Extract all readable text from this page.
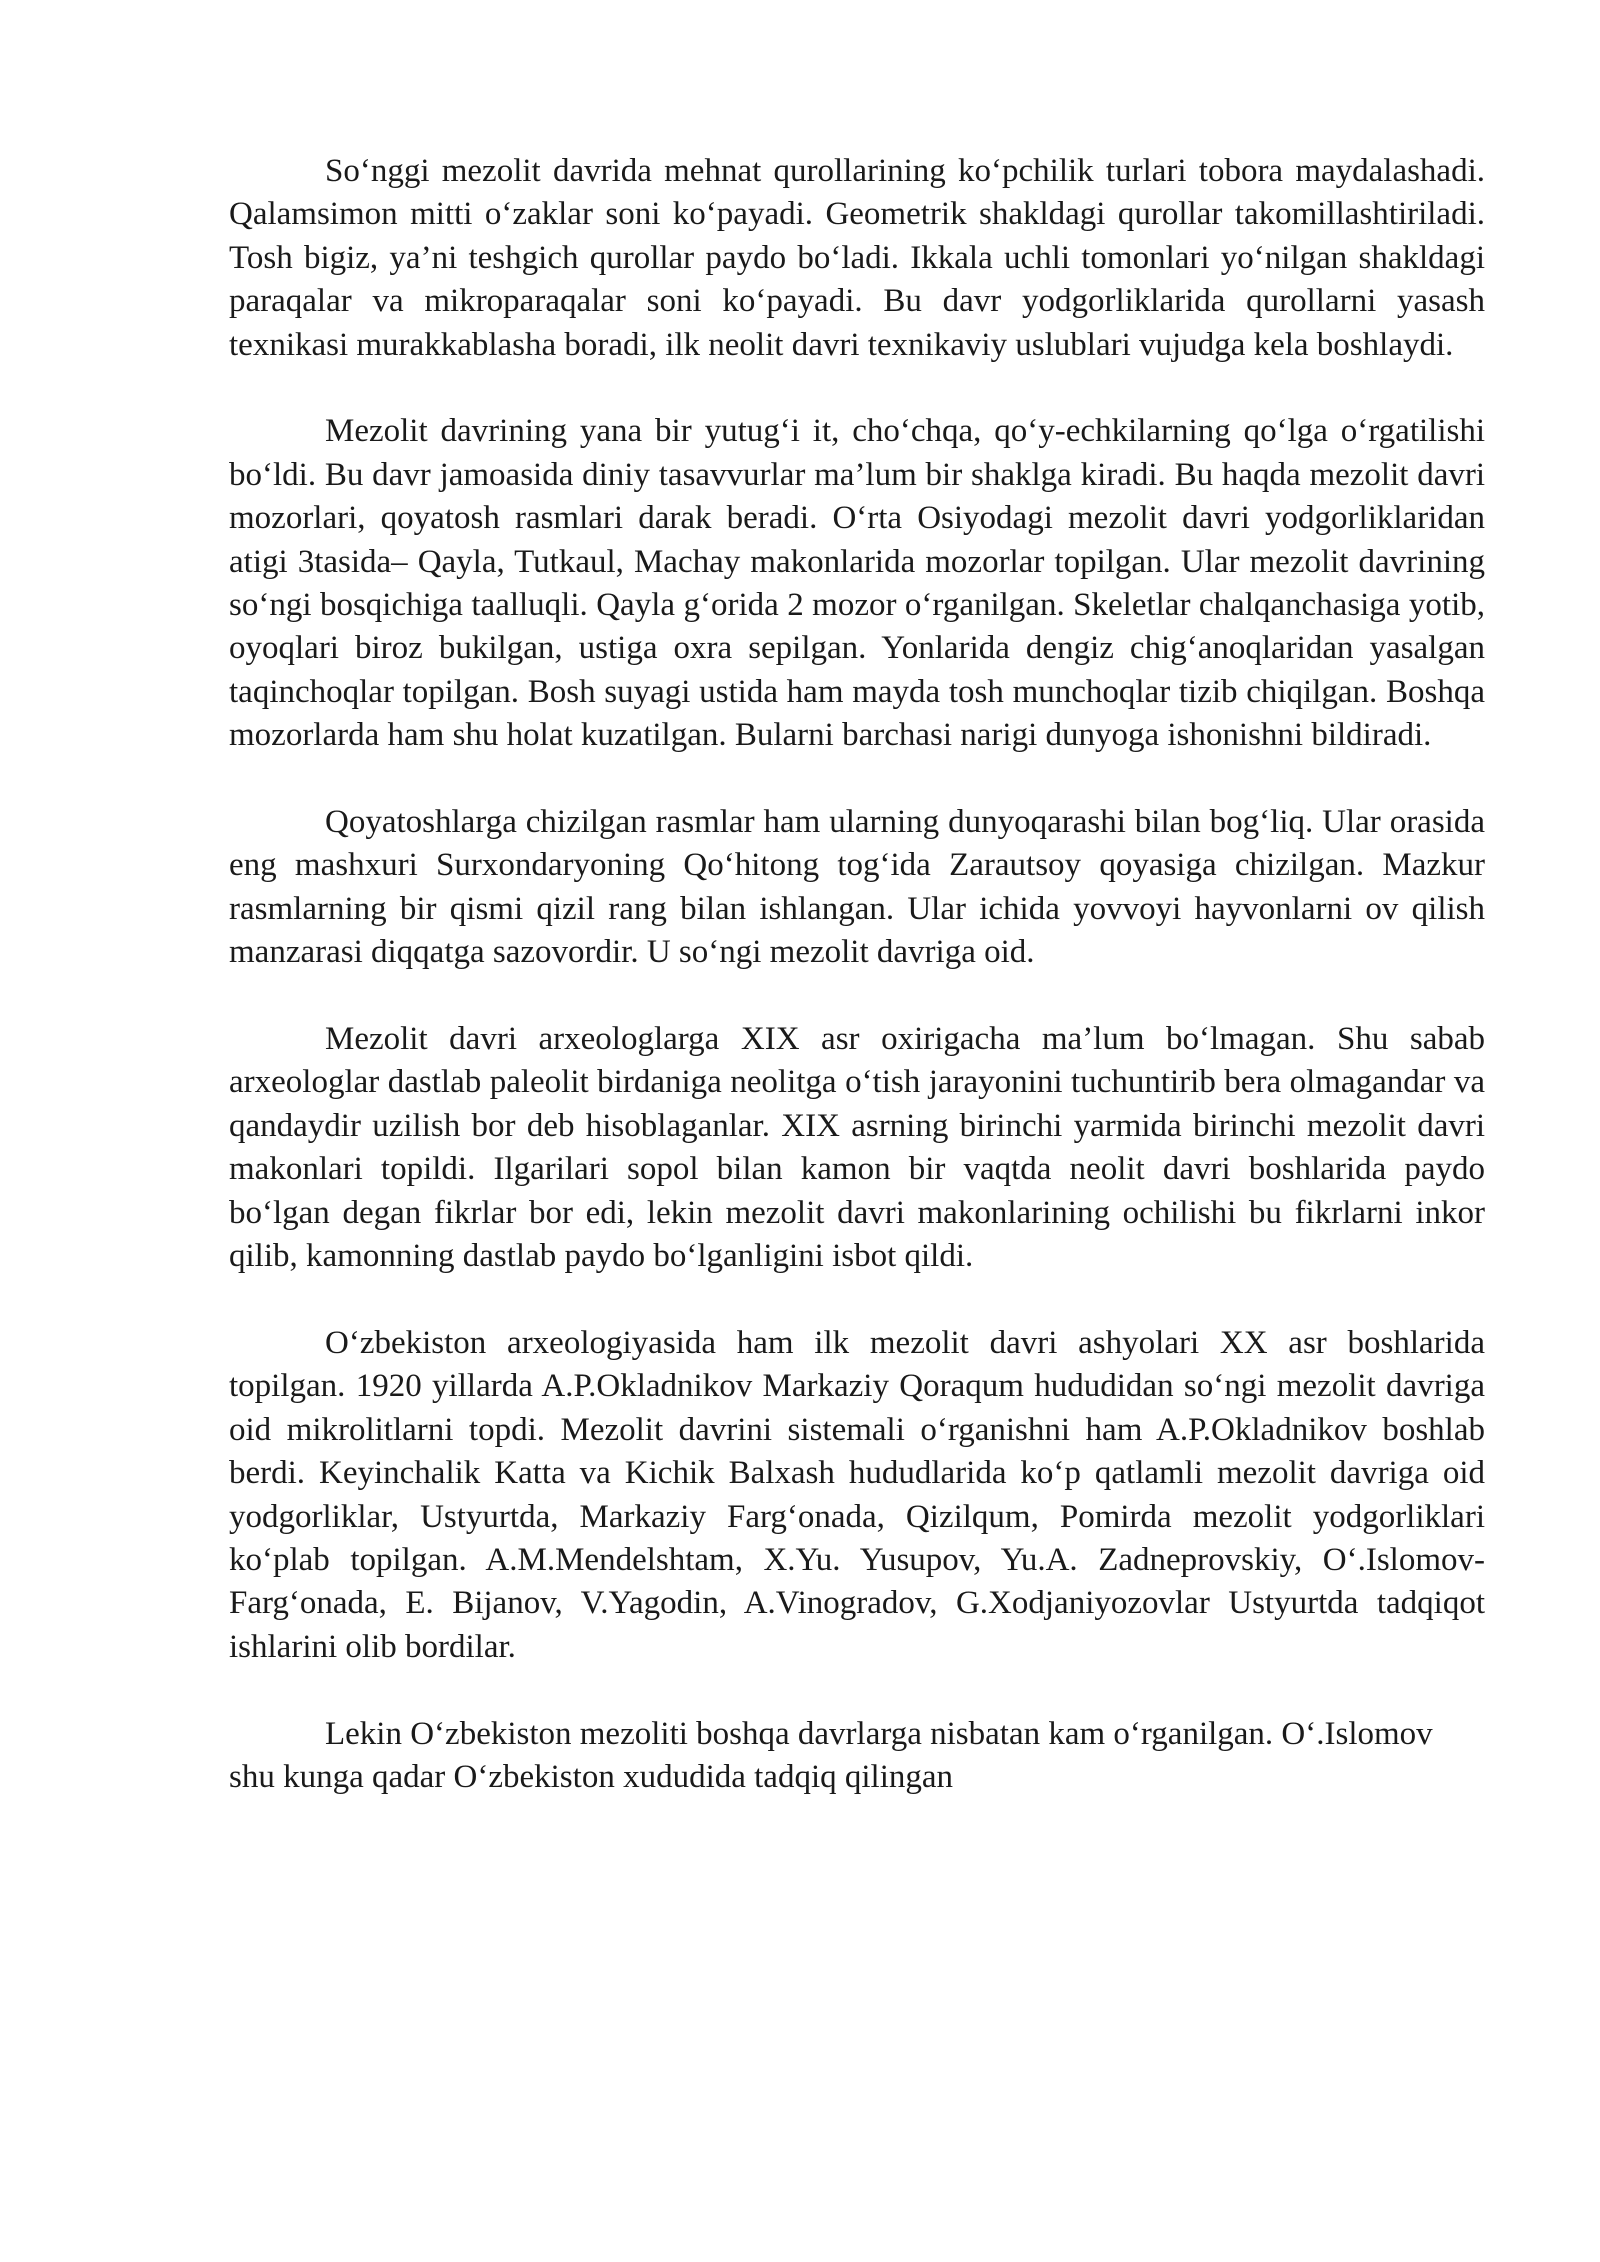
So‘nggi mezolit davrida mehnat qurollarining ko‘pchilik turlari tobora maydalashadi. Qalamsimon mitti o‘zaklar soni ko‘payadi. Geometrik shakldagi qurollar takomillashtiriladi. Tosh bigiz, ya’ni teshgich qurollar paydo bo‘ladi. Ikkala uchli tomonlari yo‘nilgan shakldagi paraqalar va mikroparaqalar soni ko‘payadi. Bu davr yodgorliklarida qurollarni yasash texnikasi murakkablasha boradi, ilk neolit davri texnikaviy uslublari vujudga kela boshlaydi.

Mezolit davrining yana bir yutug‘i it, cho‘chqa, qo‘y-echkilarning qo‘lga o‘rgatilishi bo‘ldi. Bu davr jamoasida diniy tasavvurlar ma’lum bir shaklga kiradi. Bu haqda mezolit davri mozorlari, qoyatosh rasmlari darak beradi. O‘rta Osiyodagi mezolit davri yodgorliklaridan atigi 3tasida– Qayla, Tutkaul, Machay makonlarida mozorlar topilgan. Ular mezolit davrining so‘ngi bosqichiga taalluqli. Qayla g‘orida 2 mozor o‘rganilgan. Skeletlar chalqanchasiga yotib, oyoqlari biroz bukilgan, ustiga oxra sepilgan. Yonlarida dengiz chig‘anoqlaridan yasalgan taqinchoqlar topilgan. Bosh suyagi ustida ham mayda tosh munchoqlar tizib chiqilgan. Boshqa mozorlarda ham shu holat kuzatilgan. Bularni barchasi narigi dunyoga ishonishni bildiradi.

Qoyatoshlarga chizilgan rasmlar ham ularning dunyoqarashi bilan bog‘liq. Ular orasida eng mashxuri Surxondaryoning Qo‘hitong tog‘ida Zarautsoy qoyasiga chizilgan. Mazkur rasmlarning bir qismi qizil rang bilan ishlangan. Ular ichida yovvoyi hayvonlarni ov qilish manzarasi diqqatga sazovordir. U so‘ngi mezolit davriga oid.

Mezolit davri arxeologlarga XIX asr oxirigacha ma’lum bo‘lmagan. Shu sabab arxeologlar dastlab paleolit birdaniga neolitga o‘tish jarayonini tuchuntirib bera olmagandar va qandaydir uzilish bor deb hisoblaganlar. XIX asrning birinchi yarmida birinchi mezolit davri makonlari topildi. Ilgarilari sopol bilan kamon bir vaqtda neolit davri boshlarida paydo bo‘lgan degan fikrlar bor edi, lekin mezolit davri makonlarining ochilishi bu fikrlarni inkor qilib, kamonning dastlab paydo bo‘lganligini isbot qildi.

O‘zbekiston arxeologiyasida ham ilk mezolit davri ashyolari XX asr boshlarida topilgan. 1920 yillarda A.P.Okladnikov Markaziy Qoraqum hududidan so‘ngi mezolit davriga oid mikrolitlarni topdi. Mezolit davrini sistemali o‘rganishni ham A.P.Okladnikov boshlab berdi. Keyinchalik Katta va Kichik Balxash hududlarida ko‘p qatlamli mezolit davriga oid yodgorliklar, Ustyurtda, Markaziy Farg‘onada, Qizilqum, Pomirda mezolit yodgorliklari ko‘plab topilgan. A.M.Mendelshtam, X.Yu. Yusupov, Yu.A. Zadneprovskiy, O‘.Islomov-Farg‘onada, E. Bijanov, V.Yagodin, A.Vinogradov, G.Xodjaniyozovlar Ustyurtda tadqiqot ishlarini olib bordilar.

Lekin O‘zbekiston mezoliti boshqa davrlarga nisbatan kam o‘rganilgan. O‘.Islomov shu kunga qadar O‘zbekiston xududida tadqiq qilingan
